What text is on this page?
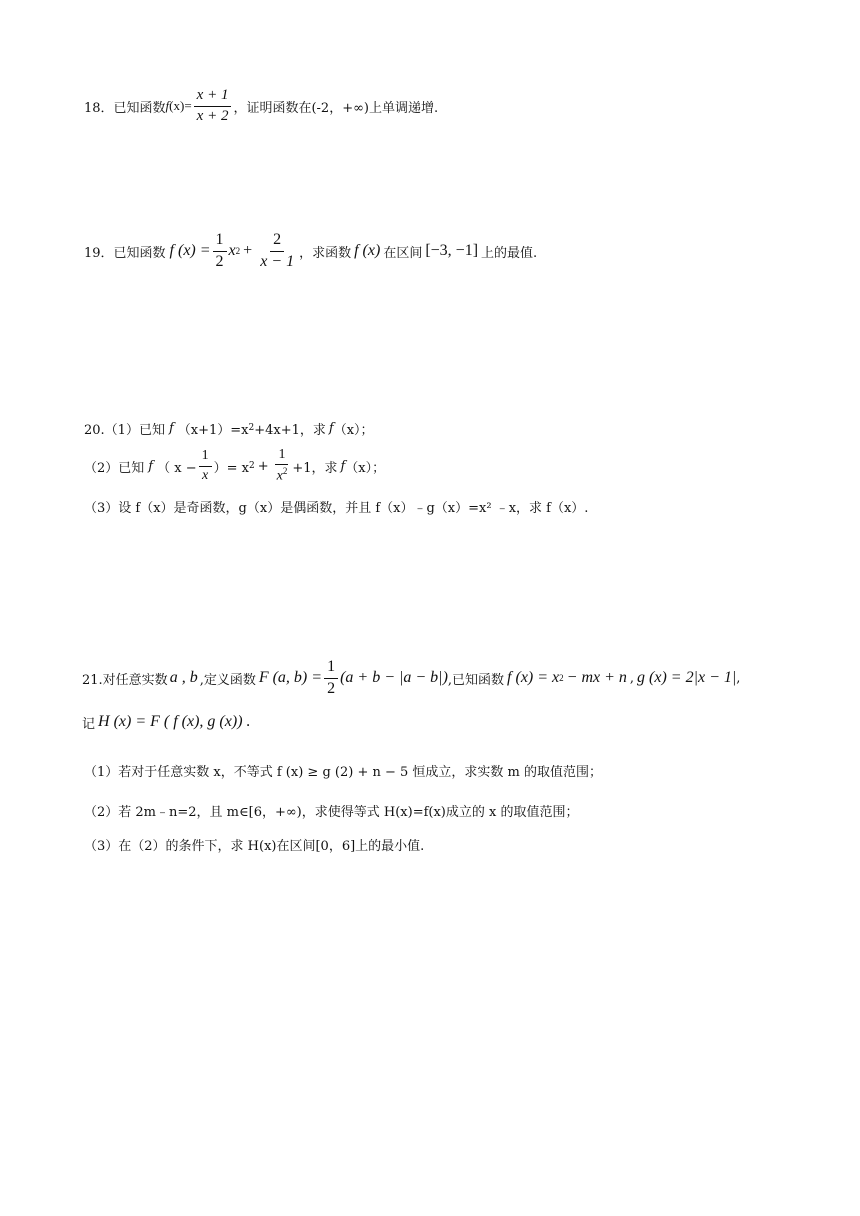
18．已知函数 f $(x)= \frac{x + 1}{x + 2}$ ，证明函数在(-2，+∞)上单调递增.
19．已知函数 f $(x) = \frac{1}{2}$ x $2 + \frac{2}{x - 1}$ ，求函数 f (x) 在区间 [−3, −1] 上的最值.
20.（1）已知 f （x+1）=x 2 +4x+1，求 f （x）；
（2）已知 f （ $x - \frac{1}{x}$ ）= x $2 + \frac{1}{x^2} +1$，求 f （x）；
（3）设 f（x）是奇函数，g（x）是偶函数，并且 f（x）﹣g（x）=x² ﹣x，求 f（x）.
21.对任意实数 a , b ,定义函数 F (a, $b) = \frac{1}{2} (a + b - |a - b|)$ ,已知函数 f (x) = x 2 − mx + n , g (x) = 2|x − 1| ,
记 H (x) = F ( f (x), g (x)) .
（1）若对于任意实数 x，不等式 f (x) ≥ g (2) + n − 5 恒成立，求实数 m 的取值范围；
（2）若 2m﹣n=2，且 m∈[6，+∞)，求使得等式 H(x)=f(x)成立的 x 的取值范围；
（3）在（2）的条件下，求 H(x)在区间[0，6]上的最小值.
